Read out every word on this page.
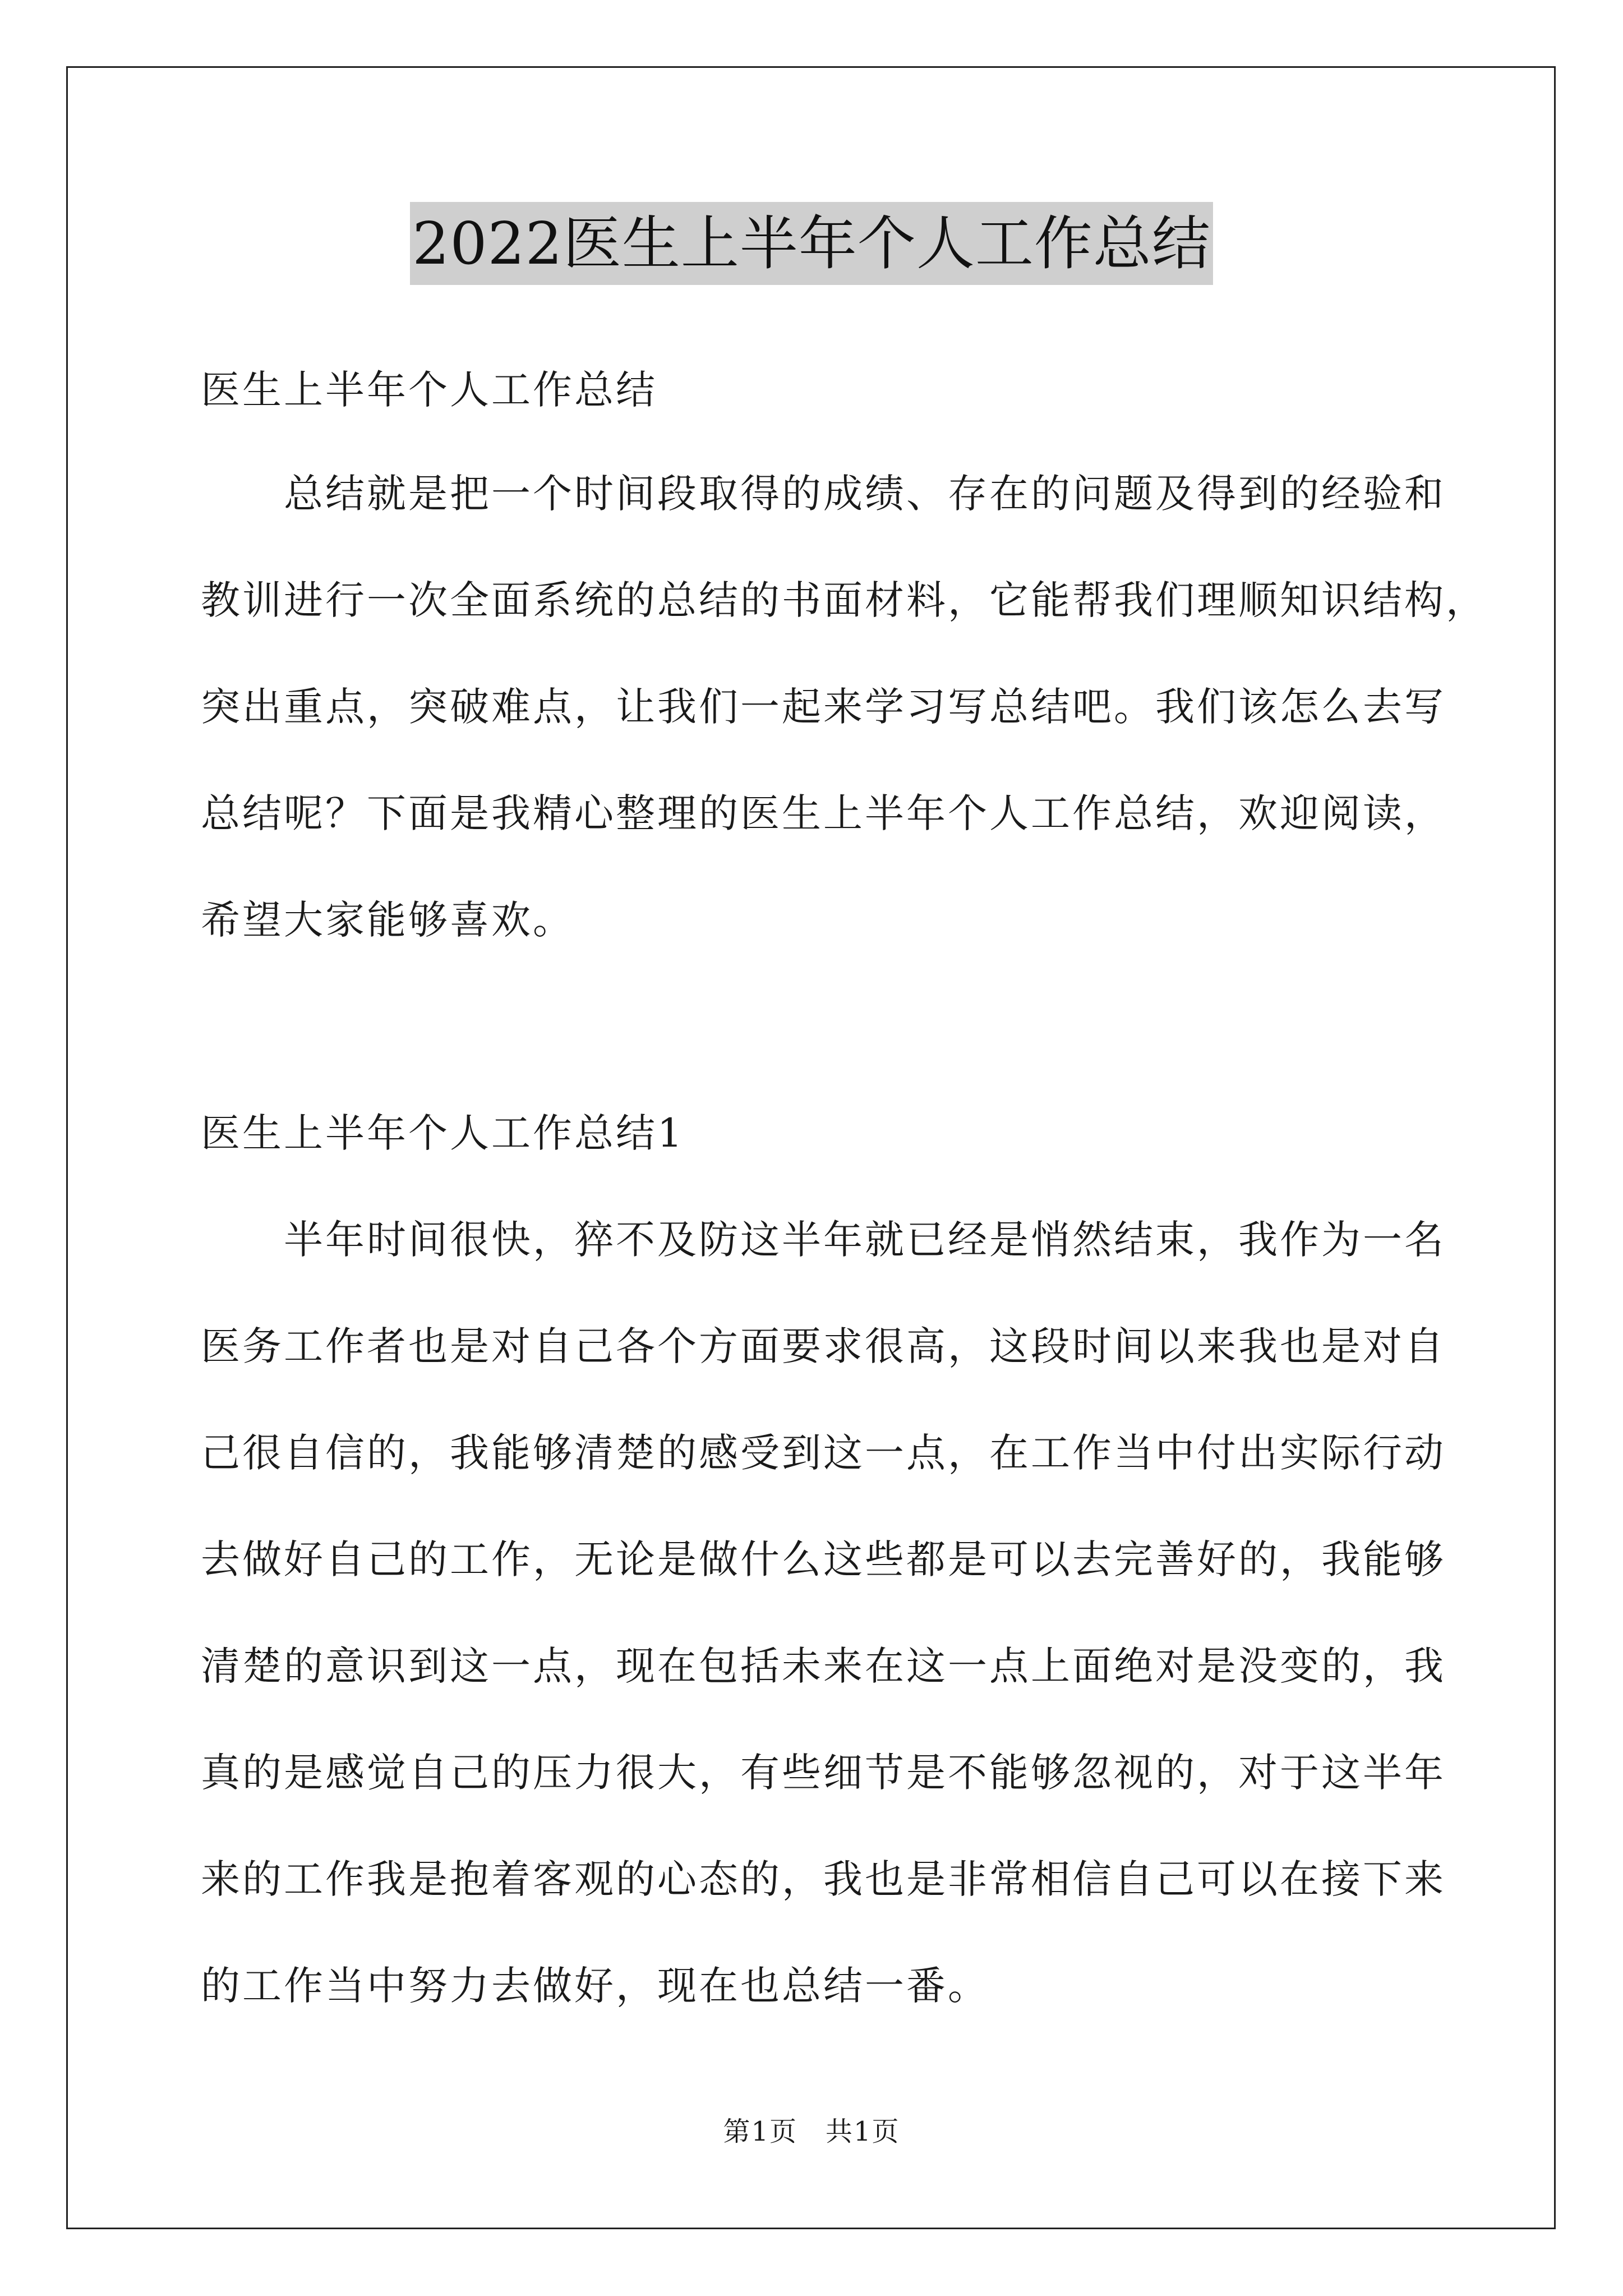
2022医生上半年个人工作总结
医生上半年个人工作总结
　　总结就是把一个时间段取得的成绩、存在的问题及得到的经验和
教训进行一次全面系统的总结的书面材料，它能帮我们理顺知识结构，
突出重点，突破难点，让我们一起来学习写总结吧。我们该怎么去写
总结呢？下面是我精心整理的医生上半年个人工作总结，欢迎阅读，
希望大家能够喜欢。
医生上半年个人工作总结1
　　半年时间很快，猝不及防这半年就已经是悄然结束，我作为一名
医务工作者也是对自己各个方面要求很高，这段时间以来我也是对自
己很自信的，我能够清楚的感受到这一点，在工作当中付出实际行动
去做好自己的工作，无论是做什么这些都是可以去完善好的，我能够
清楚的意识到这一点，现在包括未来在这一点上面绝对是没变的，我
真的是感觉自己的压力很大，有些细节是不能够忽视的，对于这半年
来的工作我是抱着客观的心态的，我也是非常相信自己可以在接下来
的工作当中努力去做好，现在也总结一番。
第1页　共1页
